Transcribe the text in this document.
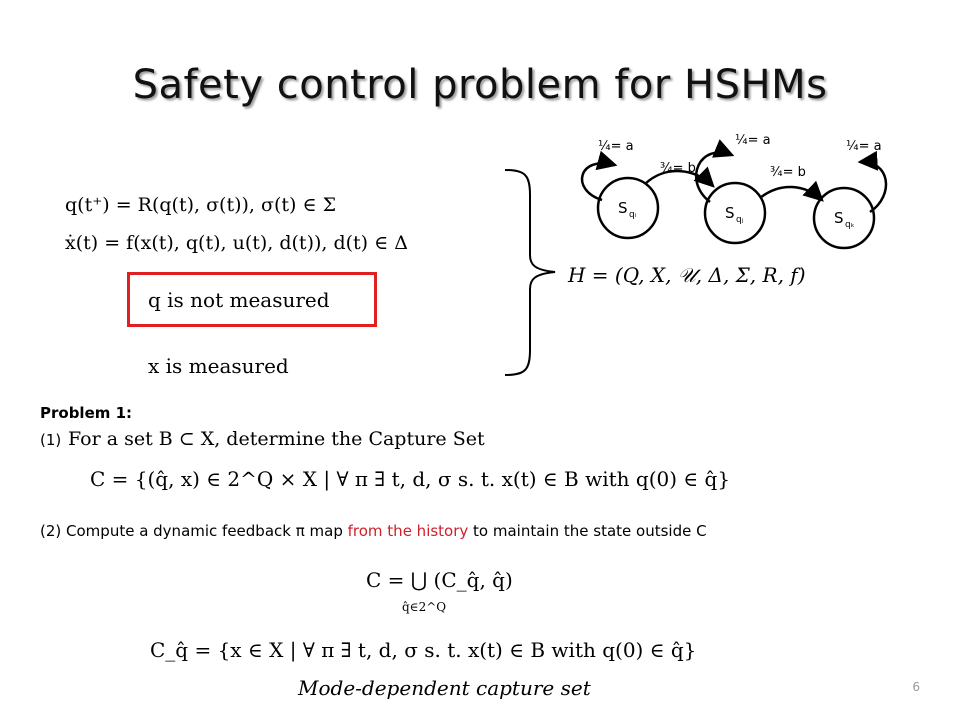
Safety control problem for HSHMs
S qᵢ	S qⱼ	S qₖ
¼= a	¼= a	¼= a
¾= b	¾= b
q(t⁺) = R(q(t), σ(t)), σ(t) ∈ Σ
ẋ(t) = f(x(t), q(t), u(t), d(t)), d(t) ∈ Δ
q is not measured
x is measured
H = (Q, X, 𝒰, Δ, Σ, R, f)
Problem 1:
(1) For a set B ⊂ X, determine the Capture Set
C = {(q̂, x) ∈ 2^Q × X | ∀ π ∃ t, d, σ s. t. x(t) ∈ B with q(0) ∈ q̂}
(2) Compute a dynamic feedback π map from the history to maintain the state outside C
C = ⋃ (C_q̂, q̂)
q̂∈2^Q
C_q̂ = {x ∈ X | ∀ π ∃ t, d, σ s. t. x(t) ∈ B with q(0) ∈ q̂}
Mode-dependent capture set	6
